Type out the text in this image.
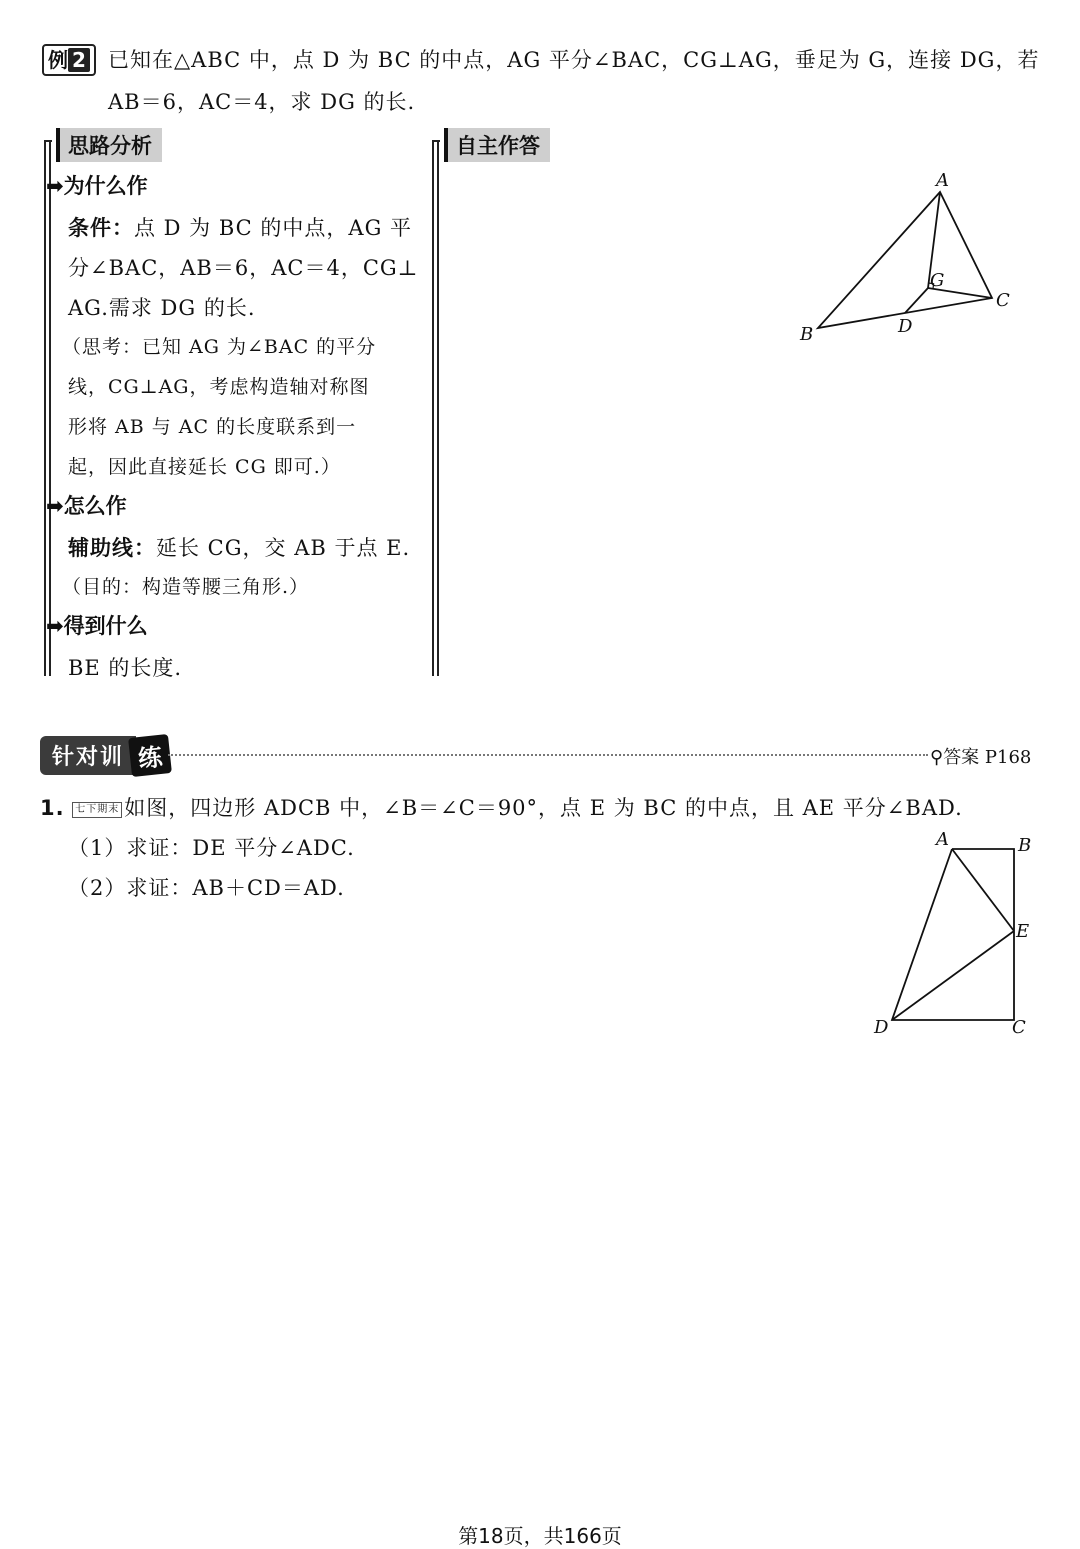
例 2	已知在△ABC 中，点 D 为 BC 的中点，AG 平分∠BAC，CG⊥AG，垂足为 G，连接 DG，若
AB＝6，AC＝4，求 DG 的长.
思路分析	自主作答
➡为什么作
条件：点 D 为 BC 的中点，AG 平
分∠BAC，AB＝6，AC＝4，CG⊥
AG.需求 DG 的长.
（思考：已知 AG 为∠BAC 的平分
线，CG⊥AG，考虑构造轴对称图
形将 AB 与 AC 的长度联系到一
起，因此直接延长 CG 即可.）
➡怎么作
辅助线：延长 CG，交 AB 于点 E.
（目的：构造等腰三角形.）
➡得到什么
BE 的长度.
A
G
C
D
B
针对训 练	⚲答案 P168
1. 七下期末 如图，四边形 ADCB 中，∠B＝∠C＝90°，点 E 为 BC 的中点，且 AE 平分∠BAD.
（1）求证：DE 平分∠ADC.
（2）求证：AB＋CD＝AD.
A	B
E
D	C
第18页，共166页
